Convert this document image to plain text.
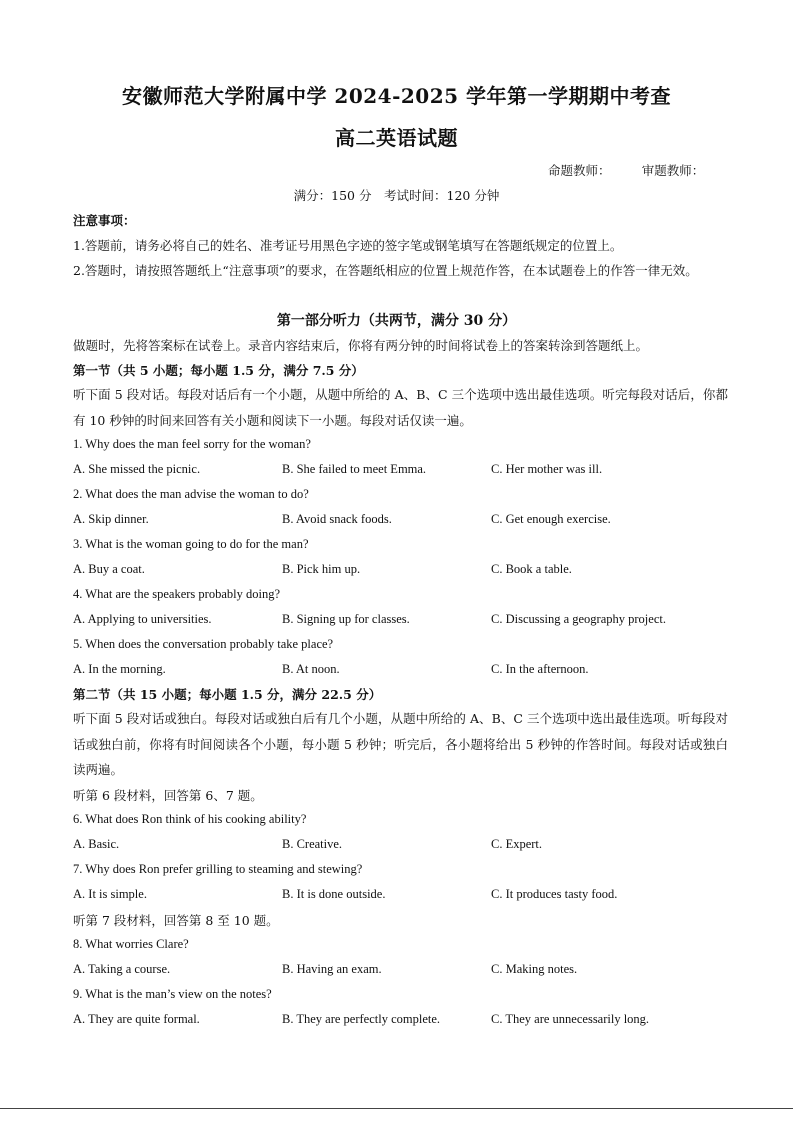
安徽师范大学附属中学 2024-2025 学年第一学期期中考查
高二英语试题
命题教师：　　　审题教师：
满分：150 分　考试时间：120 分钟
注意事项：
1.答题前，请务必将自己的姓名、准考证号用黑色字迹的签字笔或钢笔填写在答题纸规定的位置上。
2.答题时，请按照答题纸上“注意事项”的要求，在答题纸相应的位置上规范作答，在本试题卷上的作答一律无效。
第一部分听力（共两节，满分 30 分）
做题时，先将答案标在试卷上。录音内容结束后，你将有两分钟的时间将试卷上的答案转涂到答题纸上。
第一节（共 5 小题；每小题 1.5 分，满分 7.5 分）
听下面 5 段对话。每段对话后有一个小题，从题中所给的 A、B、C 三个选项中选出最佳选项。听完每段对话后，你都有 10 秒钟的时间来回答有关小题和阅读下一小题。每段对话仅读一遍。
1. Why does the man feel sorry for the woman?
A. She missed the picnic.	B. She failed to meet Emma.	C. Her mother was ill.
2. What does the man advise the woman to do?
A. Skip dinner.	B. Avoid snack foods.	C. Get enough exercise.
3. What is the woman going to do for the man?
A. Buy a coat.	B. Pick him up.	C. Book a table.
4. What are the speakers probably doing?
A. Applying to universities.	B. Signing up for classes.	C. Discussing a geography project.
5. When does the conversation probably take place?
A. In the morning.	B. At noon.	C. In the afternoon.
第二节（共 15 小题；每小题 1.5 分，满分 22.5 分）
听下面 5 段对话或独白。每段对话或独白后有几个小题，从题中所给的 A、B、C 三个选项中选出最佳选项。听每段对话或独白前，你将有时间阅读各个小题，每小题 5 秒钟；听完后，各小题将给出 5 秒钟的作答时间。每段对话或独白读两遍。
听第 6 段材料，回答第 6、7 题。
6. What does Ron think of his cooking ability?
A. Basic.	B. Creative.	C. Expert.
7. Why does Ron prefer grilling to steaming and stewing?
A. It is simple.	B. It is done outside.	C. It produces tasty food.
听第 7 段材料，回答第 8 至 10 题。
8. What worries Clare?
A. Taking a course.	B. Having an exam.	C. Making notes.
9. What is the man’s view on the notes?
A. They are quite formal.	B. They are perfectly complete.	C. They are unnecessarily long.
